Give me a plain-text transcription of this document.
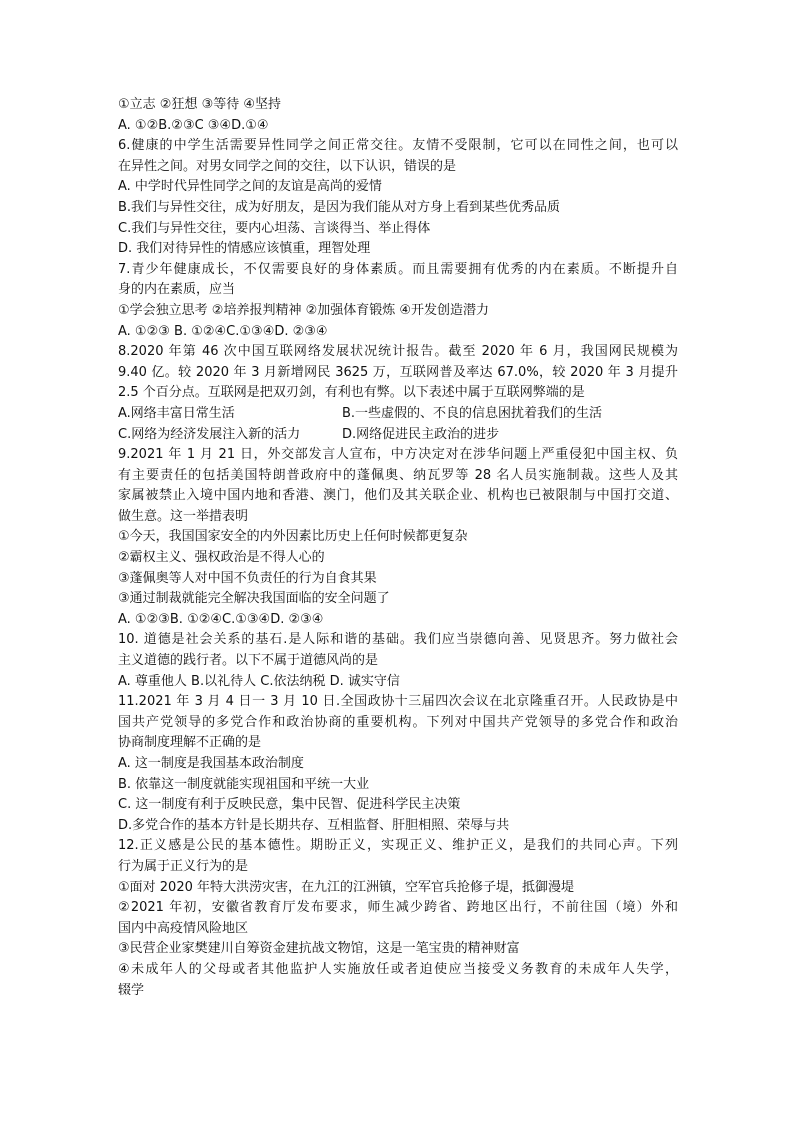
①立志 ②狂想 ③等待 ④坚持
A. ①②B.②③C ③④D.①④
6.健康的中学生活需要异性同学之间正常交往。友情不受限制，它可以在同性之间，也可以
在异性之间。对男女同学之间的交往，以下认识，错误的是
A. 中学时代异性同学之间的友谊是高尚的爱情
B.我们与异性交往，成为好朋友，是因为我们能从对方身上看到某些优秀品质
C.我们与异性交往，要内心坦荡、言谈得当、举止得体
D. 我们对待异性的情感应该慎重，理智处理
7.青少年健康成长，不仅需要良好的身体素质。而且需要拥有优秀的内在素质。不断提升自
身的内在素质，应当
①学会独立思考 ②培养报判精神 ②加强体育锻炼 ④开发创造潜力
A. ①②③ B. ①②④C.①③④D. ②③④
8.2020 年第 46 次中国互联网络发展状况统计报告。截至 2020 年 6 月，我国网民规模为
9.40 亿。较 2020 年 3 月新增网民 3625 万，互联网普及率达 67.0%，较 2020 年 3 月提升
2.5 个百分点。互联网是把双刃剑，有利也有弊。以下表述中属于互联网弊端的是
A.网络丰富日常生活	B.一些虚假的、不良的信息困扰着我们的生活
C.网络为经济发展注入新的活力	D.网络促进民主政治的进步
9.2021 年 1 月 21 日，外交部发言人宣布，中方决定对在涉华问题上严重侵犯中国主权、负
有主要责任的包括美国特朗普政府中的蓬佩奥、纳瓦罗等 28 名人员实施制裁。这些人及其
家属被禁止入境中国内地和香港、澳门，他们及其关联企业、机构也已被限制与中国打交道、
做生意。这一举措表明
①今天，我国国家安全的内外因素比历史上任何时候都更复杂
②霸权主义、强权政治是不得人心的
③蓬佩奥等人对中国不负责任的行为自食其果
③通过制裁就能完全解决我国面临的安全问题了
A. ①②③B. ①②④C.①③④D. ②③④
10. 道德是社会关系的基石.是人际和谐的基础。我们应当崇德向善、见贤思齐。努力做社会
主义道德的践行者。以下不属于道德风尚的是
A. 尊重他人 B.以礼待人 C.依法纳税 D. 诚实守信
11.2021 年 3 月 4 日一 3 月 10 日.全国政协十三届四次会议在北京隆重召开。人民政协是中
国共产党领导的多党合作和政治协商的重要机构。下列对中国共产党领导的多党合作和政治
协商制度理解不正确的是
A. 这一制度是我国基本政治制度
B. 依靠这一制度就能实现祖国和平统一大业
C. 这一制度有利于反映民意，集中民智、促进科学民主决策
D.多党合作的基本方针是长期共存、互相监督、肝胆相照、荣辱与共
12.正义感是公民的基本德性。期盼正义，实现正义、维护正义，是我们的共同心声。下列
行为属于正义行为的是
①面对 2020 年特大洪涝灾害，在九江的江洲镇，空军官兵抢修子堤，抵御漫堤
②2021 年初，安徽省教育厅发布要求，师生减少跨省、跨地区出行，不前往国（境）外和
国内中高疫情风险地区
③民营企业家樊建川自筹资金建抗战文物馆，这是一笔宝贵的精神财富
④未成年人的父母或者其他监护人实施放任或者迫使应当接受义务教育的未成年人失学，
辍学
